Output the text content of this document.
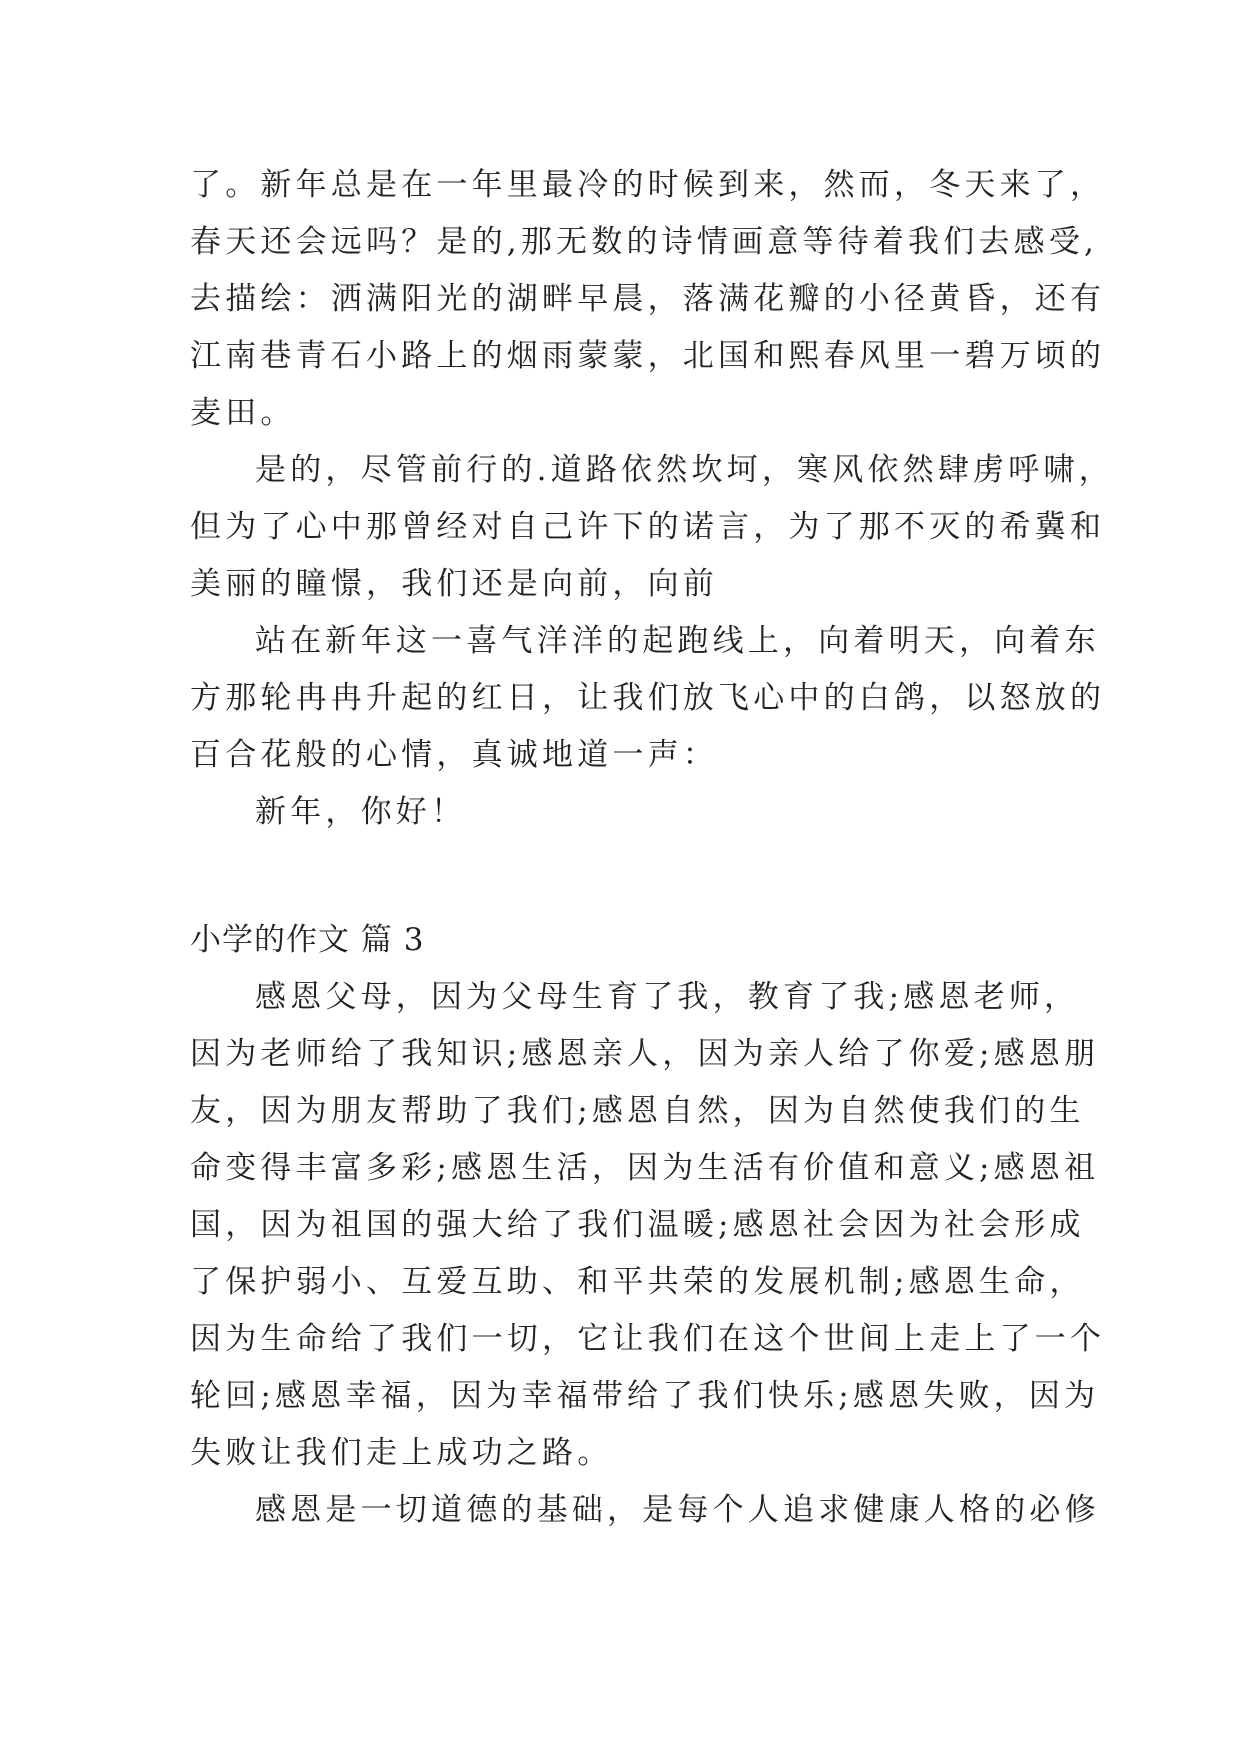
了。新年总是在一年里最冷的时候到来，然而，冬天来了，
春天还会远吗？是的,那无数的诗情画意等待着我们去感受,
去描绘：洒满阳光的湖畔早晨，落满花瓣的小径黄昏，还有
江南巷青石小路上的烟雨蒙蒙，北国和熙春风里一碧万顷的
麦田。
是的，尽管前行的.道路依然坎坷，寒风依然肆虏呼啸，
但为了心中那曾经对自己许下的诺言，为了那不灭的希冀和
美丽的瞳憬，我们还是向前，向前
站在新年这一喜气洋洋的起跑线上，向着明天，向着东
方那轮冉冉升起的红日，让我们放飞心中的白鸽，以怒放的
百合花般的心情，真诚地道一声：
新年，你好！
小学的作文 篇 3
感恩父母，因为父母生育了我，教育了我;感恩老师，
因为老师给了我知识;感恩亲人，因为亲人给了你爱;感恩朋
友，因为朋友帮助了我们;感恩自然，因为自然使我们的生
命变得丰富多彩;感恩生活，因为生活有价值和意义;感恩祖
国，因为祖国的强大给了我们温暖;感恩社会因为社会形成
了保护弱小、互爱互助、和平共荣的发展机制;感恩生命，
因为生命给了我们一切，它让我们在这个世间上走上了一个
轮回;感恩幸福，因为幸福带给了我们快乐;感恩失败，因为
失败让我们走上成功之路。
感恩是一切道德的基础，是每个人追求健康人格的必修
